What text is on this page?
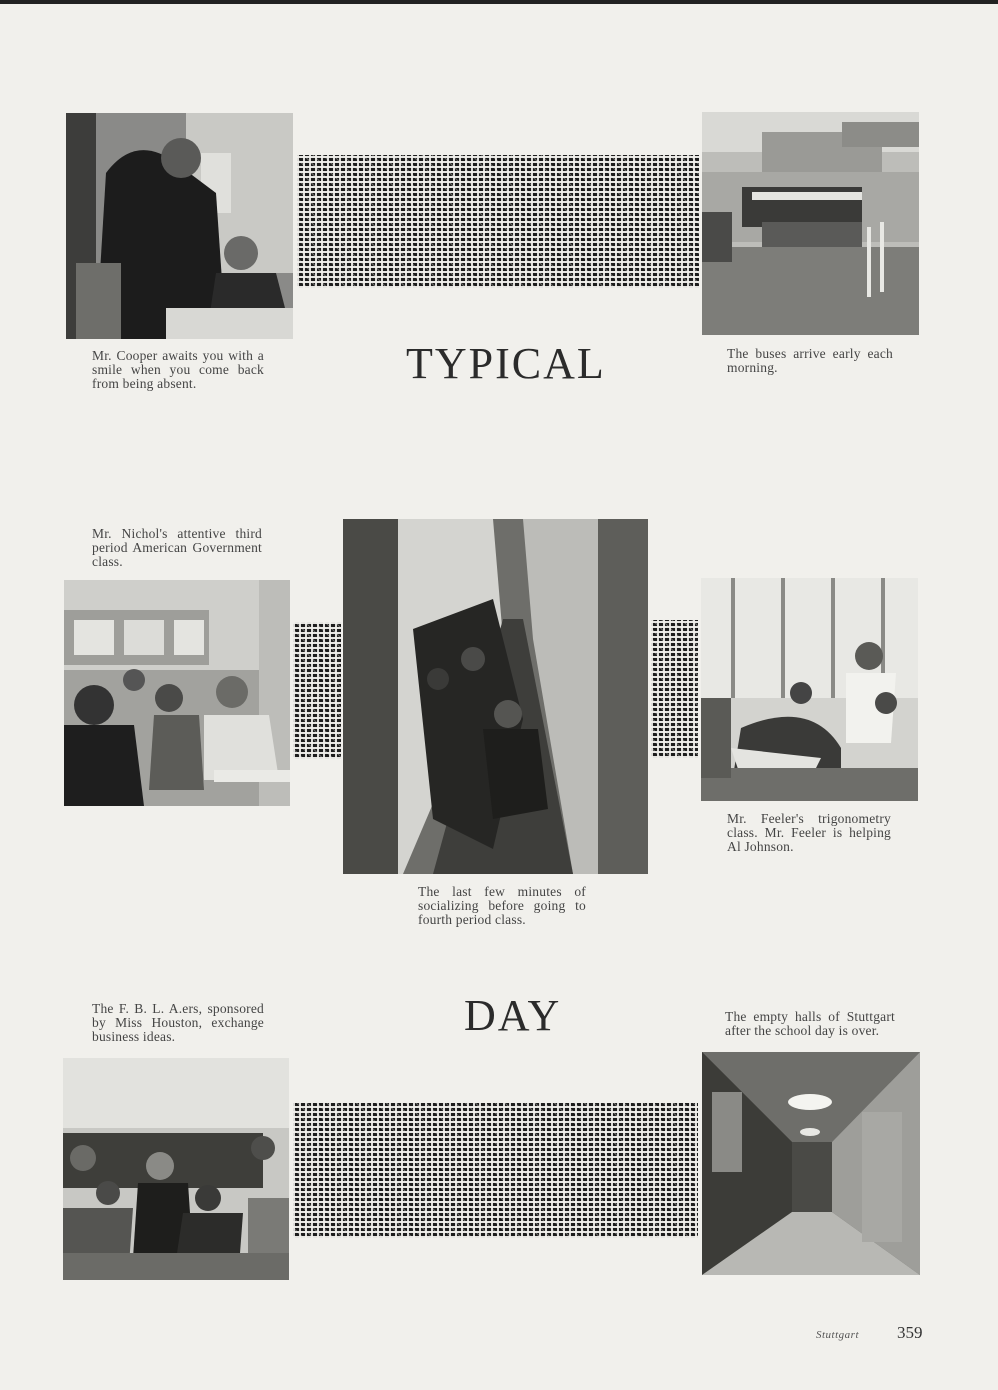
Mr. Cooper awaits you with a smile when you come back from being absent.	TYPICAL	The buses arrive early each morning.
Mr. Nichol's attentive third period American Government class.
Mr. Feeler's trigonometry class. Mr. Feeler is helping Al Johnson.
The last few minutes of socializing before going to fourth period class.
The F. B. L. A.ers, sponsored by Miss Houston, exchange business ideas.	DAY	The empty halls of Stuttgart after the school day is over.
Stuttgart 359
